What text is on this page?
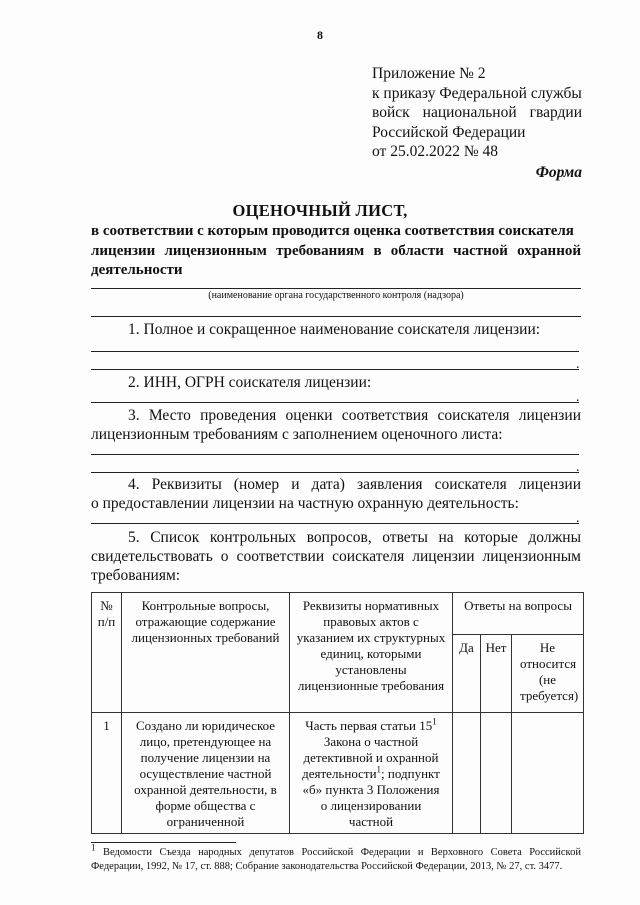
8
Приложение № 2
к приказу Федеральной службы
войск национальной гвардии
Российской Федерации
от 25.02.2022 № 48
Форма
ОЦЕНОЧНЫЙ ЛИСТ,
в соответствии с которым проводится оценка соответствия соискателя
лицензии лицензионным требованиям в области частной охранной
деятельности
(наименование органа государственного контроля (надзора)
1. Полное и сокращенное наименование соискателя лицензии:
.
2. ИНН, ОГРН соискателя лицензии:
.
3. Место проведения оценки соответствия соискателя лицензии
лицензионным требованиям с заполнением оценочного листа:
.
4. Реквизиты (номер и дата) заявления соискателя лицензии
о предоставлении лицензии на частную охранную деятельность:
.
5. Список контрольных вопросов, ответы на которые должны
свидетельствовать о соответствии соискателя лицензии лицензионным
требованиям:
№ п/п	Контрольные вопросы, отражающие содержание лицензионных требований	Реквизиты нормативных правовых актов с указанием их структурных единиц, которыми установлены лицензионные требования	Ответы на вопросы		

			Да	Нет	Не относится (не требуется)

1	Создано ли юридическое лицо, претендующее на получение лицензии на осуществление частной охранной деятельности, в форме общества с ограниченной	Часть первая статьи $15^1$ Закона о частной детективной и охранной деятельности$^1$; подпункт «б» пункта 3 Положения о лицензировании частной			

$^1$ Ведомости Съезда народных депутатов Российской Федерации и Верховного Совета Российской Федерации, 1992, № 17, ст. 888; Собрание законодательства Российской Федерации, 2013, № 27, ст. 3477.
